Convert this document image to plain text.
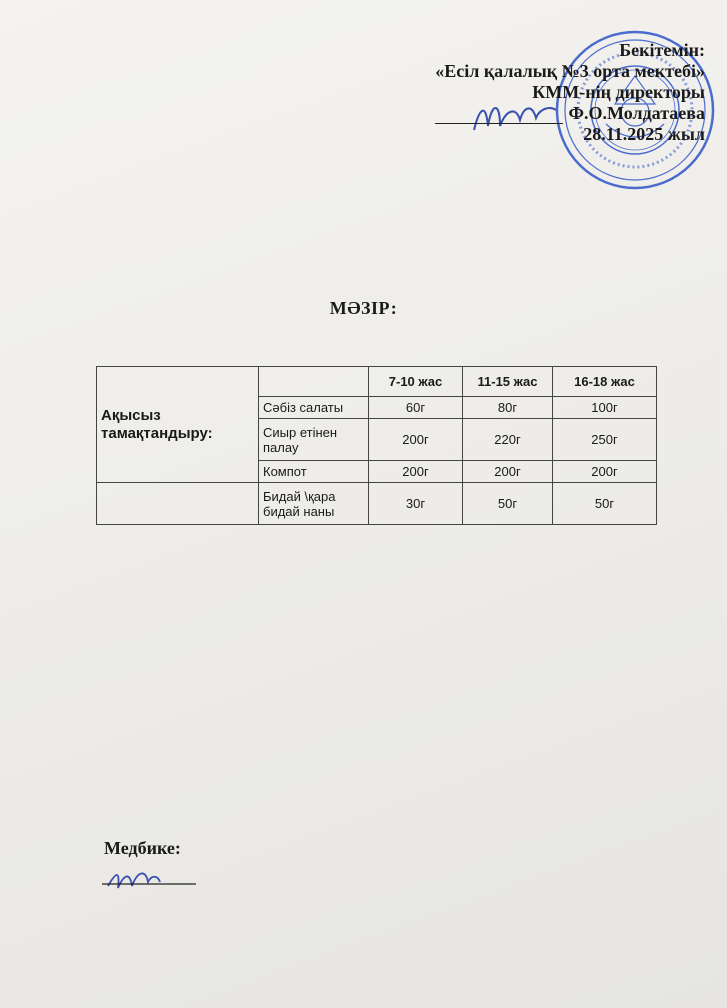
Бекітемін:
«Есіл қалалық №3 орта мектебі»
КММ-нің директоры
Ф.О.Молдатаева
28.11.2025 жыл
МӘЗІР:
Ақысыз тамақтандыру:		7-10 жас	11-15 жас	16-18 жас
	Сәбіз салаты	60г	80г	100г
	Сиыр етінен палау	200г	220г	250г
	Компот	200г	200г	200г
	Бидай \қара бидай наны	30г	50г	50г
Медбике:
